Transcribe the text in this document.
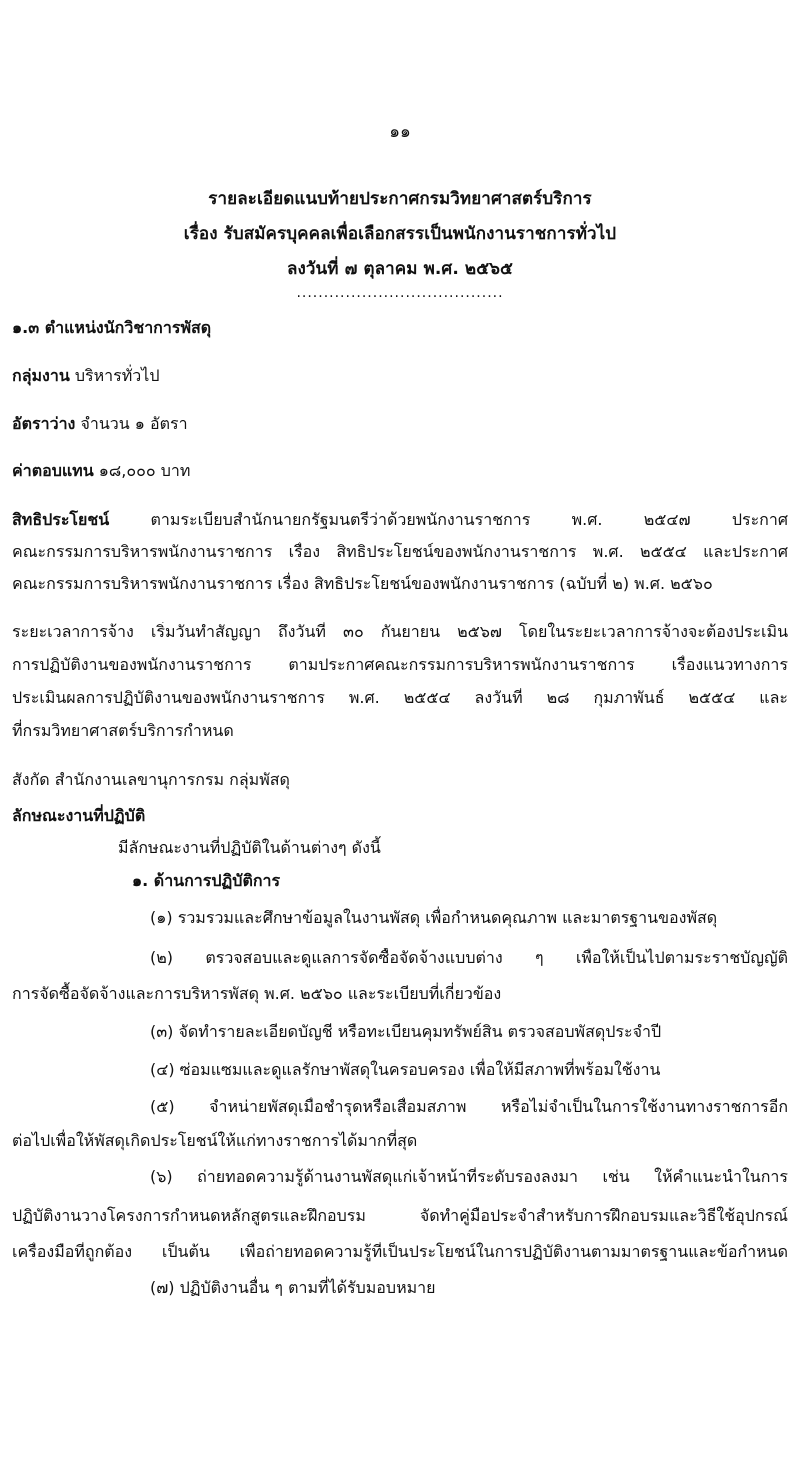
๑๑
รายละเอียดแนบท้ายประกาศกรมวิทยาศาสตร์บริการ
เรื่อง รับสมัครบุคคลเพื่อเลือกสรรเป็นพนักงานราชการทั่วไป
ลงวันที่ ๗ ตุลาคม พ.ศ. ๒๕๖๕
......................................
๑.๓ ตำแหน่งนักวิชาการพัสดุ
กลุ่มงาน บริหารทั่วไป
อัตราว่าง จำนวน ๑ อัตรา
ค่าตอบแทน ๑๘,๐๐๐ บาท
สิทธิประโยชน์	ตามระเบียบสำนักนายกรัฐมนตรีว่าด้วยพนักงานราชการ พ.ศ. ๒๕๔๗ ประกาศ
คณะกรรมการบริหารพนักงานราชการ เรื่อง สิทธิประโยชน์ของพนักงานราชการ พ.ศ. ๒๕๕๔ และประกาศ
คณะกรรมการบริหารพนักงานราชการ เรื่อง สิทธิประโยชน์ของพนักงานราชการ (ฉบับที่ ๒) พ.ศ. ๒๕๖๐
ระยะเวลาการจ้าง เริ่มวันทำสัญญา ถึงวันที่ ๓๐ กันยายน ๒๕๖๗ โดยในระยะเวลาการจ้างจะต้องประเมิน
การปฏิบัติงานของพนักงานราชการ ตามประกาศคณะกรรมการบริหารพนักงานราชการ เรื่องแนวทางการ
ประเมินผลการปฏิบัติงานของพนักงานราชการ พ.ศ. ๒๕๕๔ ลงวันที่ ๒๘ กุมภาพันธ์ ๒๕๕๔ และ
ที่กรมวิทยาศาสตร์บริการกำหนด
สังกัด สำนักงานเลขานุการกรม กลุ่มพัสดุ
ลักษณะงานที่ปฏิบัติ
มีลักษณะงานที่ปฏิบัติในด้านต่างๆ ดังนี้
๑. ด้านการปฏิบัติการ
(๑) รวมรวมและศึกษาข้อมูลในงานพัสดุ เพื่อกำหนดคุณภาพ และมาตรฐานของพัสดุ
(๒) ตรวจสอบและดูแลการจัดซื้อจัดจ้างแบบต่าง ๆ เพื่อให้เป็นไปตามระราชบัญญัติ
การจัดซื้อจัดจ้างและการบริหารพัสดุ พ.ศ. ๒๕๖๐ และระเบียบที่เกี่ยวข้อง
(๓) จัดทำรายละเอียดบัญชี หรือทะเบียนคุมทรัพย์สิน ตรวจสอบพัสดุประจำปี
(๔) ซ่อมแซมและดูแลรักษาพัสดุในครอบครอง เพื่อให้มีสภาพที่พร้อมใช้งาน
(๕) จำหน่ายพัสดุเมื่อชำรุดหรือเสื่อมสภาพ หรือไม่จำเป็นในการใช้งานทางราชการอีก
ต่อไปเพื่อให้พัสดุเกิดประโยชน์ให้แก่ทางราชการได้มากที่สุด
(๖) ถ่ายทอดความรู้ด้านงานพัสดุแก่เจ้าหน้าที่ระดับรองลงมา เช่น ให้คำแนะนำในการ
ปฏิบัติงานวางโครงการกำหนดหลักสูตรและฝึกอบรม จัดทำคู่มือประจำสำหรับการฝึกอบรมและวิธีใช้อุปกรณ์
เครื่องมือที่ถูกต้อง เป็นต้น เพื่อถ่ายทอดความรู้ที่เป็นประโยชน์ในการปฏิบัติงานตามมาตรฐานและข้อกำหนด
(๗) ปฏิบัติงานอื่น ๆ ตามที่ได้รับมอบหมาย
